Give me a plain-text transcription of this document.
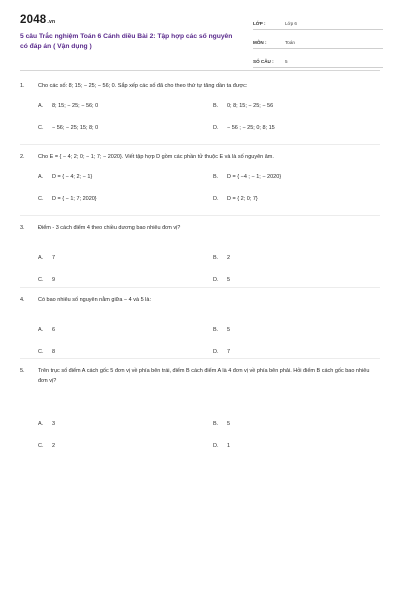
2048.vn
5 câu Trắc nghiệm Toán 6 Cánh diều Bài 2: Tập hợp các số nguyên có đáp án ( Vận dụng )
LỚP :	Lớp 6
MÔN :	Toán
SỐ CÂU :	5
1.	Cho các số: 8; 15; − 25; − 56; 0. Sắp xếp các số đã cho theo thứ tự tăng dần ta được:
A.	8; 15; − 25; − 56; 0	B.	0; 8; 15; − 25; − 56
C.	− 56; − 25; 15; 8; 0	D.	− 56 ; − 25; 0; 8; 15
2.	Cho E = { − 4; 2; 0; − 1; 7; − 2020}. Viết tập hợp D gồm các phần tử thuộc E và là số nguyên âm.
A.	D = { − 4; 2; − 1}	B.	D = { −4 ; − 1; − 2020}
C.	D = { − 1; 7; 2020}	D.	D = { 2; 0; 7}
3.	Điểm - 3 cách điểm 4 theo chiều dương bao nhiêu đơn vị?
A.	7	B.	2
C.	9	D.	5
4.	Có bao nhiêu số nguyên nằm giữa − 4 và 5 là:
A.	6	B.	5
C.	8	D.	7
5.	Trên trục số điểm A cách gốc 5 đơn vị về phía bên trái, điểm B cách điểm A là 4 đơn vị về phía bên phải. Hỏi điểm B cách gốc bao nhiêu đơn vị?
A.	3	B.	5
C.	2	D.	1
